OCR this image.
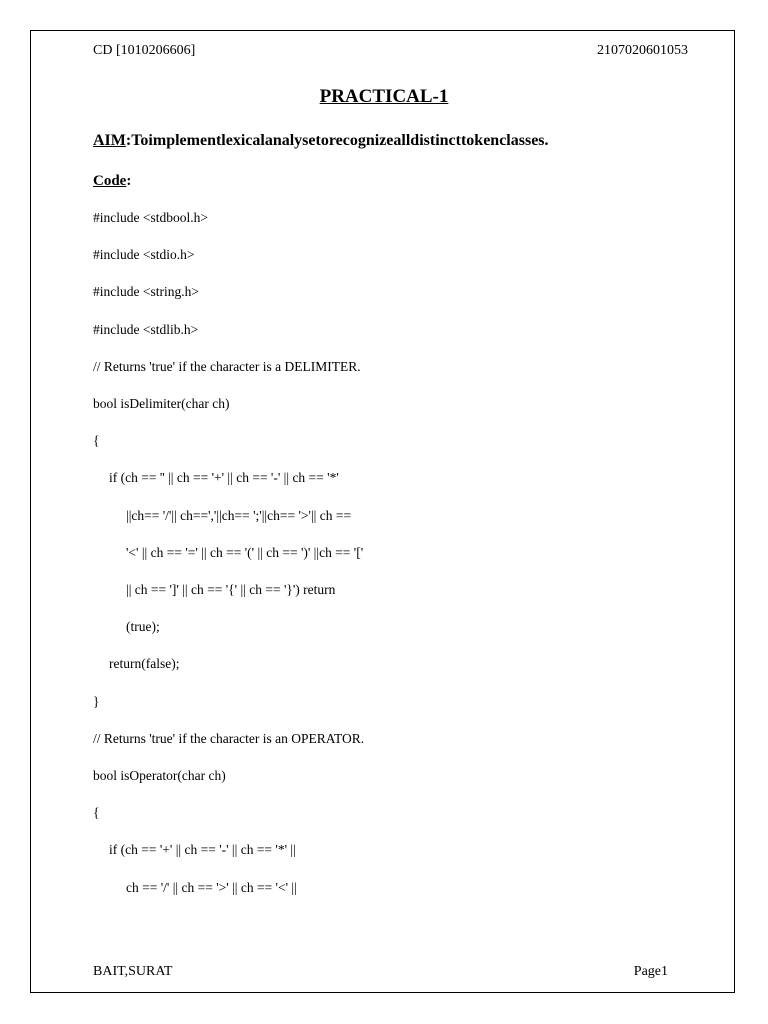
CD [1010206606]	2107020601053
PRACTICAL-1
AIM:Toimplementlexicalanalysetorecognizealldistincttokenclasses.
Code:
#include <stdbool.h>
#include <stdio.h>
#include <string.h>
#include <stdlib.h>
// Returns 'true' if the character is a DELIMITER.
bool isDelimiter(char ch)
{
if (ch == '' || ch == '+' || ch == '-' || ch == '*'
||ch== '/'|| ch==','||ch== ';'||ch== '>'|| ch ==
'<' || ch == '=' || ch == '(' || ch == ')' ||ch == '['
|| ch == ']' || ch == '{' || ch == '}') return
(true);
return(false);
}
// Returns 'true' if the character is an OPERATOR.
bool isOperator(char ch)
{
if (ch == '+' || ch == '-' || ch == '*' ||
ch == '/' || ch == '>' || ch == '<' ||
BAIT,SURAT	Page1
